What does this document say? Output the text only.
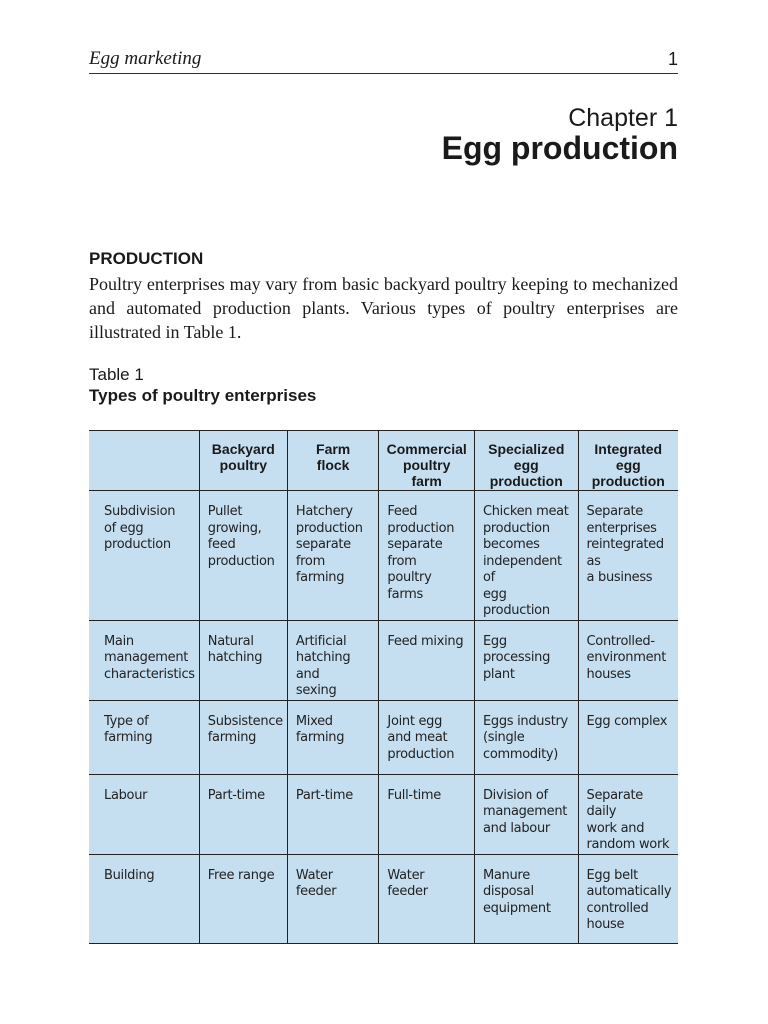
Egg marketing	1
Chapter 1
Egg production
PRODUCTION
Poultry enterprises may vary from basic backyard poultry keeping to mechanized and automated production plants. Various types of poultry enterprises are illustrated in Table 1.
Table 1
Types of poultry enterprises

	Backyard
poultry	Farm
flock	Commercial
poultry
farm	Specialized
egg
production	Integrated
egg
production

Subdivision
of egg
production	Pullet
growing,
feed
production	Hatchery
production
separate
from farming	Feed
production
separate from
poultry farms	Chicken meat
production
becomes
independent of
egg production	Separate
enterprises
reintegrated as
a business

Main
management
characteristics	Natural
hatching	Artificial
hatching and
sexing	Feed mixing	Egg
processing
plant	Controlled-
environment
houses

Type of
farming	Subsistence
farming	Mixed
farming	Joint egg
and meat
production	Eggs industry
(single
commodity)	Egg complex

Labour	Part-time	Part-time	Full-time	Division of
management
and labour	Separate daily
work and
random work

Building	Free range	Water
feeder	Water
feeder	Manure
disposal
equipment	Egg belt
automatically
controlled
house
